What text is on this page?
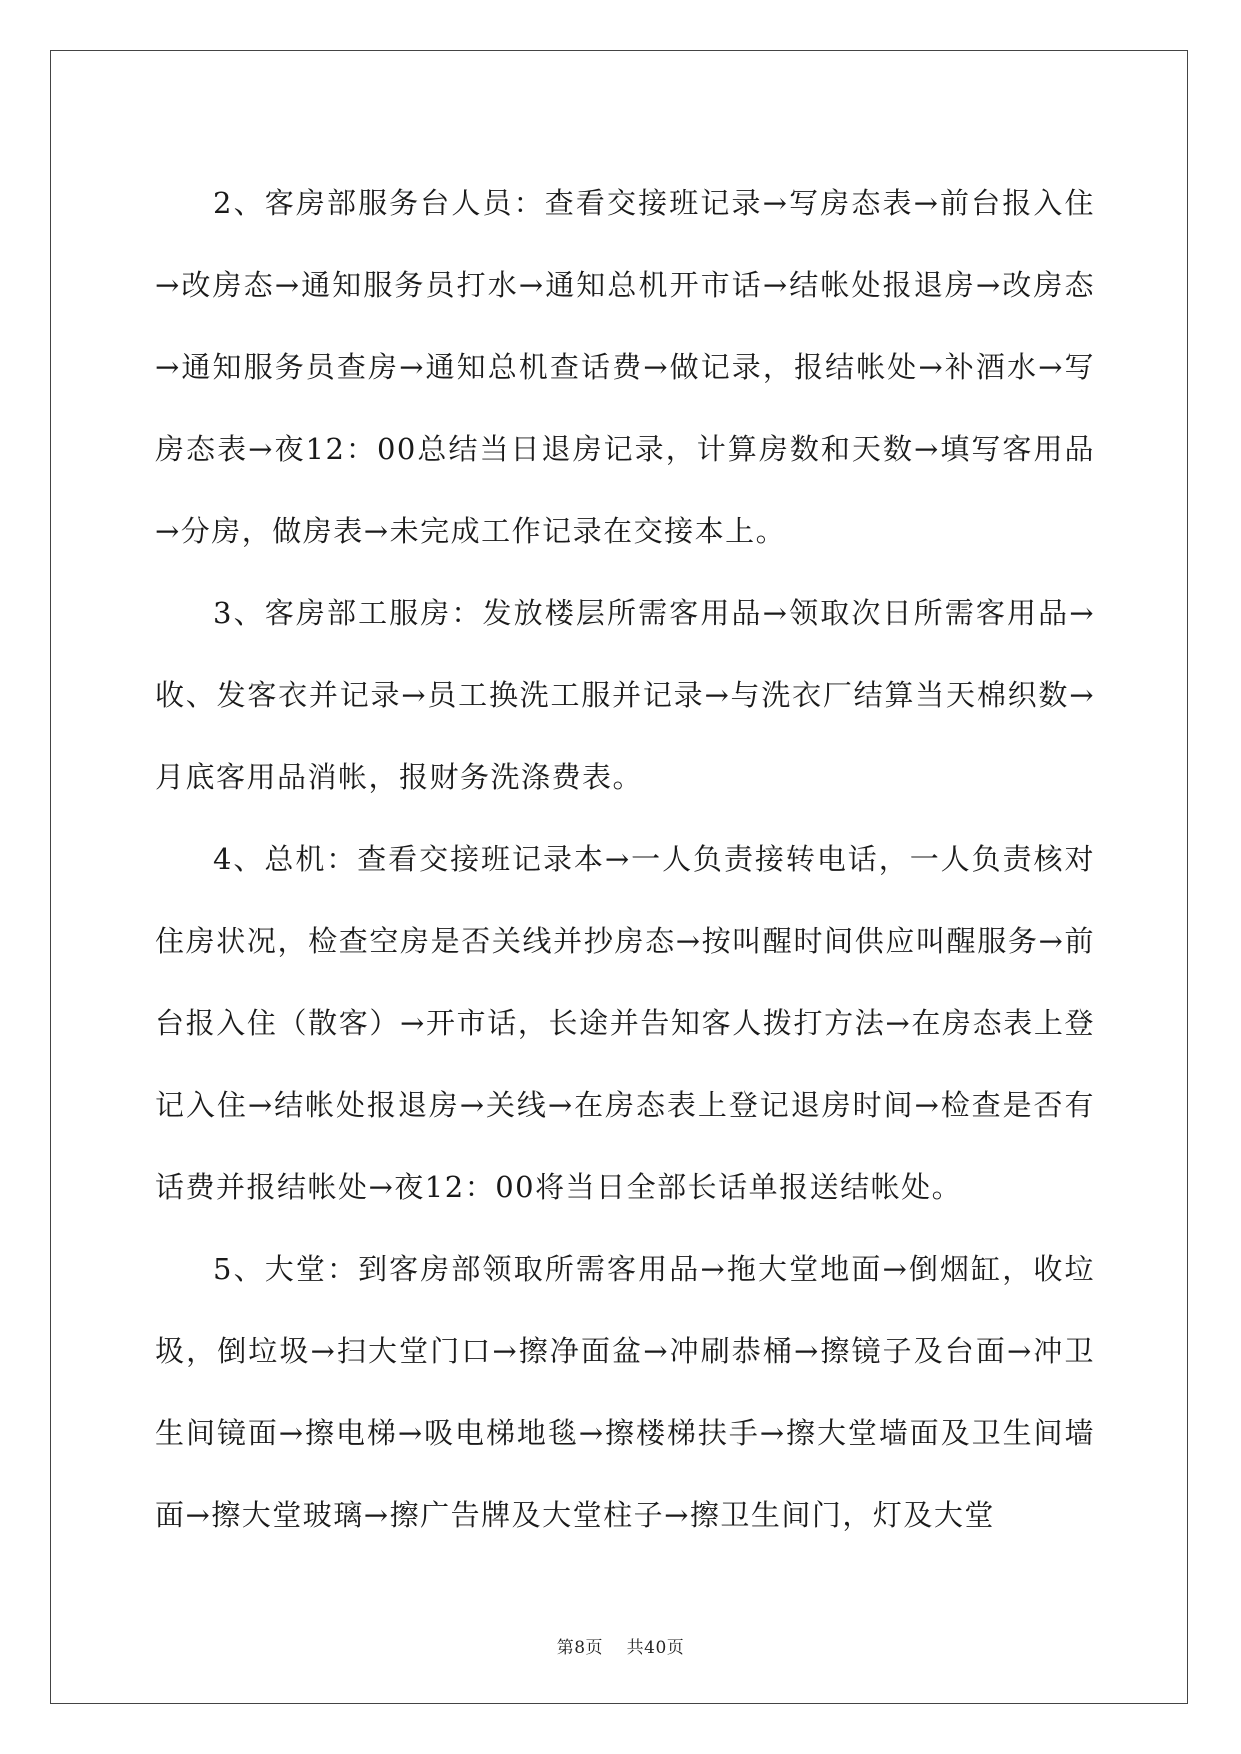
2、客房部服务台人员：查看交接班记录→写房态表→前台报入住→改房态→通知服务员打水→通知总机开市话→结帐处报退房→改房态→通知服务员查房→通知总机查话费→做记录，报结帐处→补酒水→写房态表→夜12：00总结当日退房记录，计算房数和天数→填写客用品→分房，做房表→未完成工作记录在交接本上。

3、客房部工服房：发放楼层所需客用品→领取次日所需客用品→收、发客衣并记录→员工换洗工服并记录→与洗衣厂结算当天棉织数→月底客用品消帐，报财务洗涤费表。

4、总机：查看交接班记录本→一人负责接转电话，一人负责核对住房状况，检查空房是否关线并抄房态→按叫醒时间供应叫醒服务→前台报入住（散客）→开市话，长途并告知客人拨打方法→在房态表上登记入住→结帐处报退房→关线→在房态表上登记退房时间→检查是否有话费并报结帐处→夜12：00将当日全部长话单报送结帐处。

5、大堂：到客房部领取所需客用品→拖大堂地面→倒烟缸，收垃圾，倒垃圾→扫大堂门口→擦净面盆→冲刷恭桶→擦镜子及台面→冲卫生间镜面→擦电梯→吸电梯地毯→擦楼梯扶手→擦大堂墙面及卫生间墙面→擦大堂玻璃→擦广告牌及大堂柱子→擦卫生间门，灯及大堂

第8页 共40页
